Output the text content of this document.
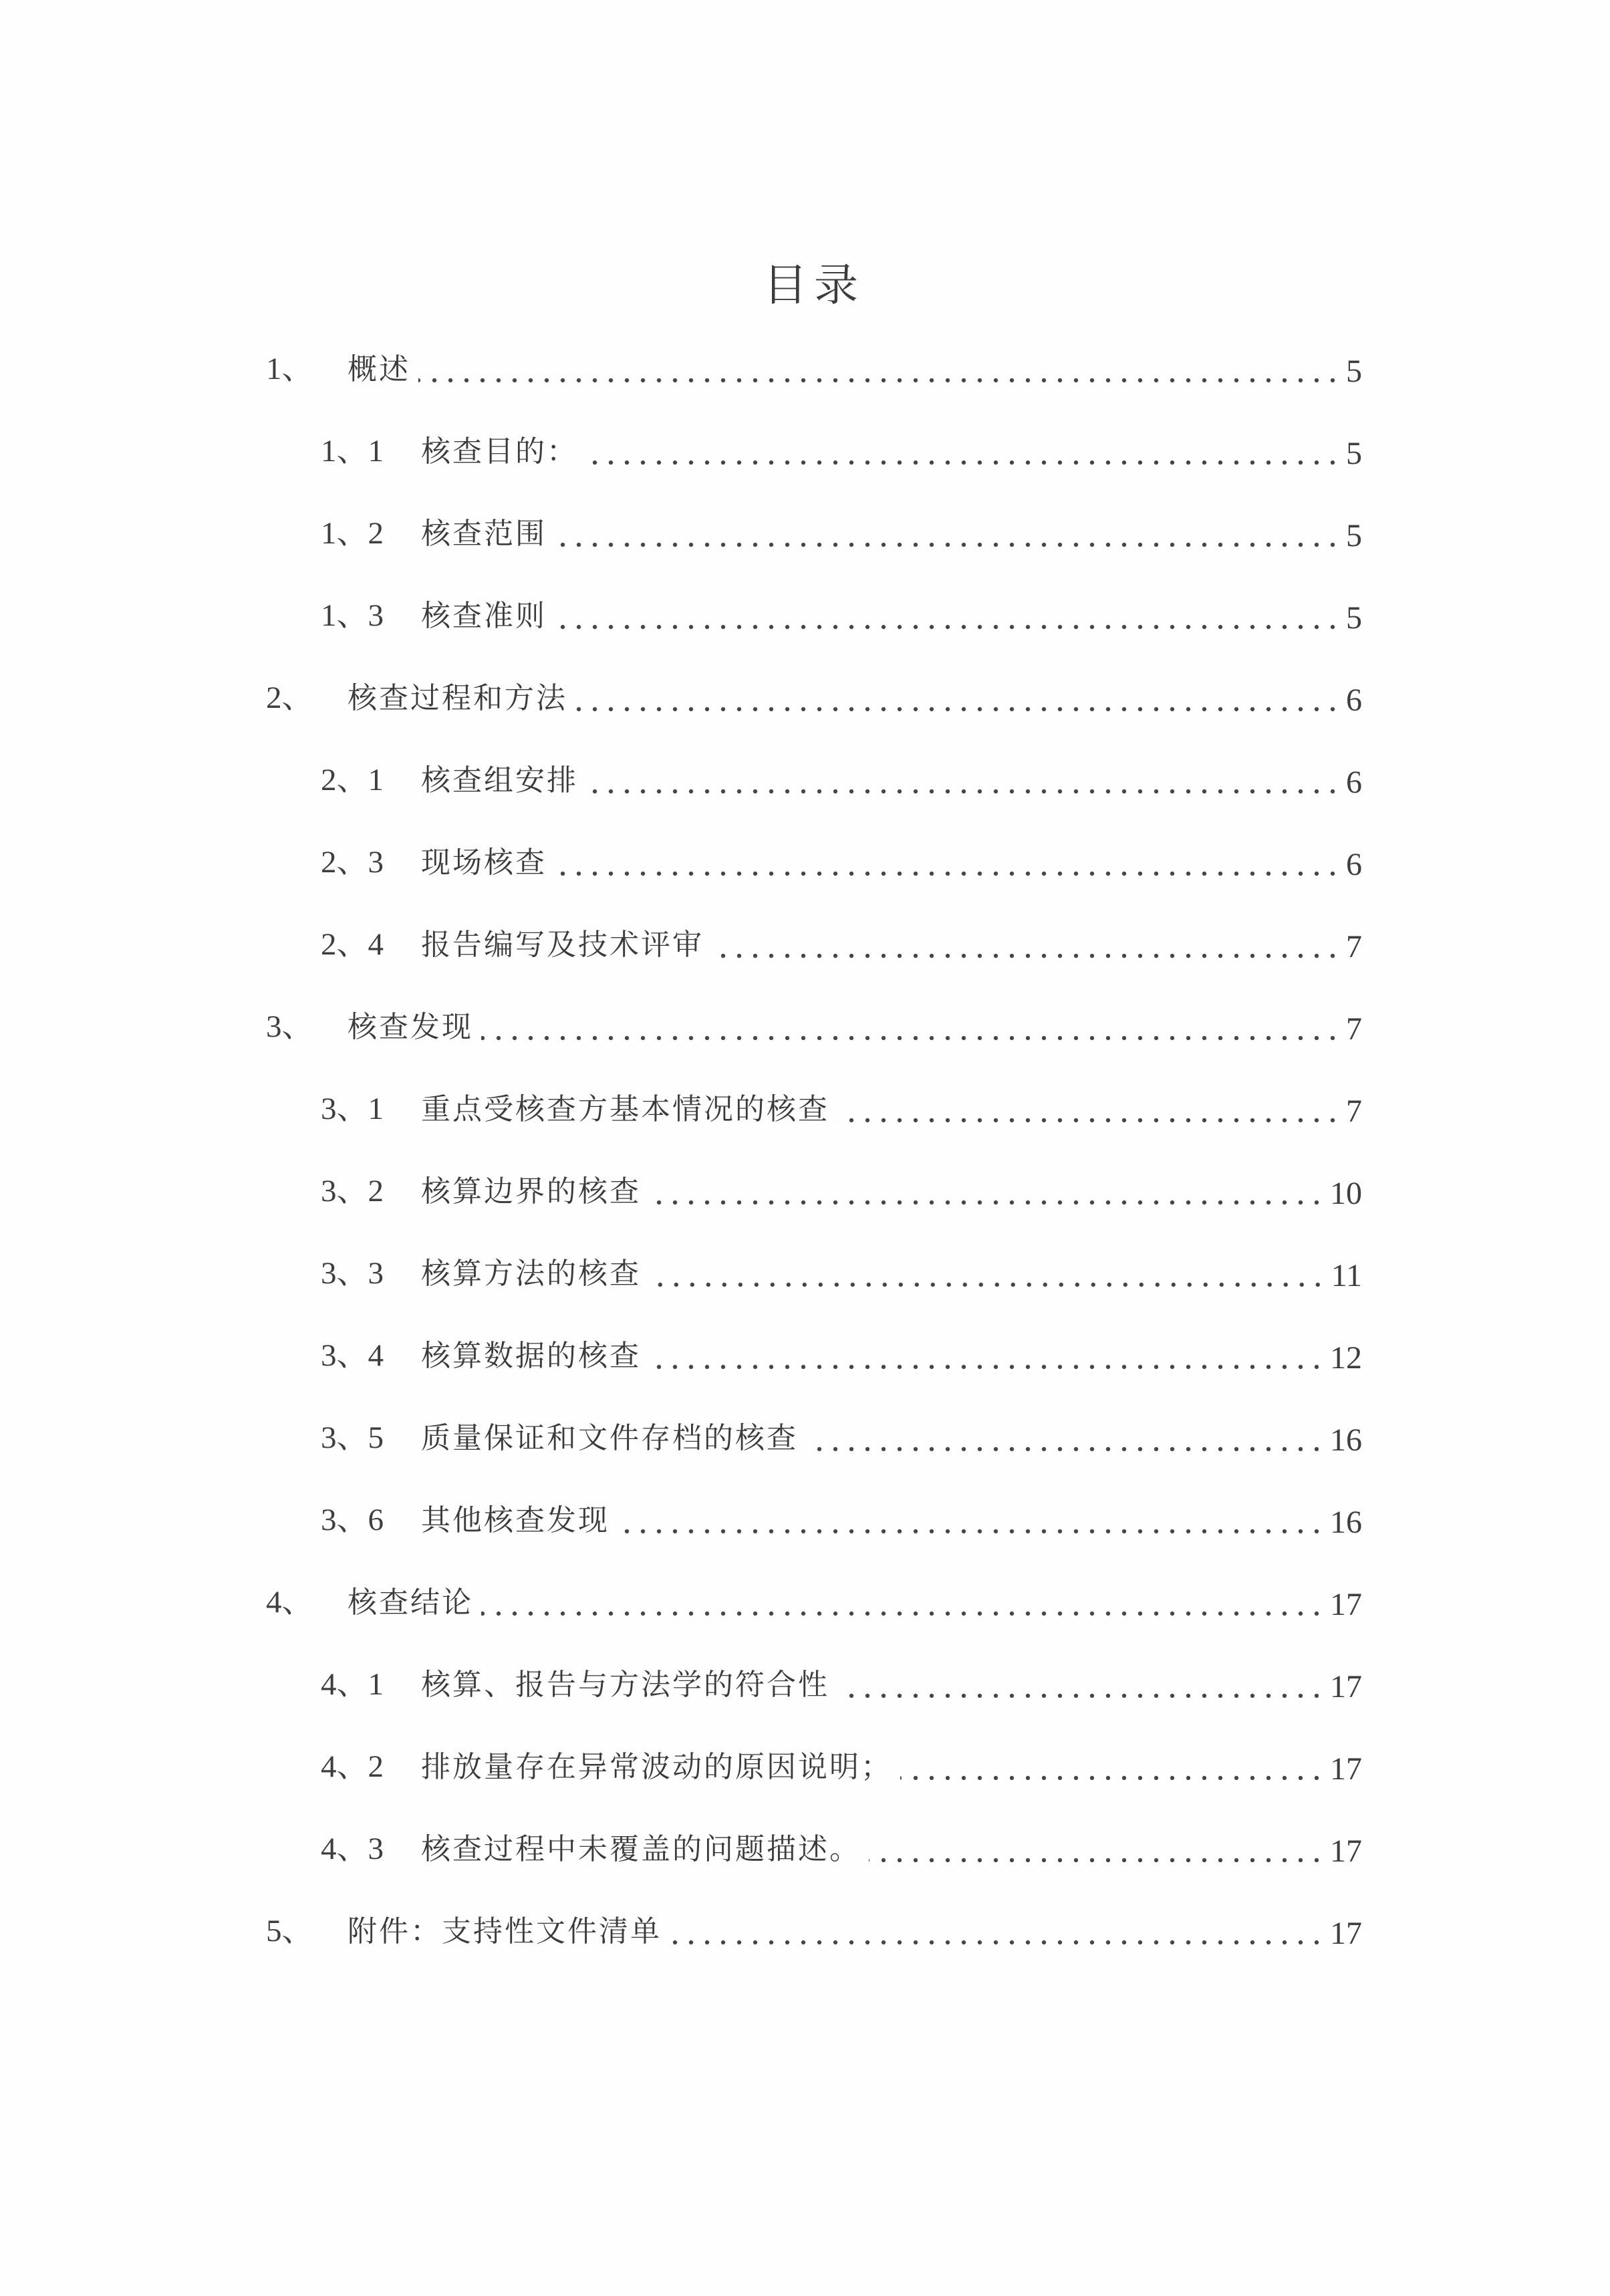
目录
1、	概述	5
1、1	核查目的：	5
1、2	核查范围	5
1、3	核查准则	5
2、	核查过程和方法	6
2、1	核查组安排	6
2、3	现场核查	6
2、4	报告编写及技术评审	7
3、	核查发现	7
3、1	重点受核查方基本情况的核查	7
3、2	核算边界的核查	10
3、3	核算方法的核查	11
3、4	核算数据的核查	12
3、5	质量保证和文件存档的核查	16
3、6	其他核查发现	16
4、	核查结论	17
4、1	核算、报告与方法学的符合性	17
4、2	排放量存在异常波动的原因说明；	17
4、3	核查过程中未覆盖的问题描述。	17
5、	附件：支持性文件清单	17
